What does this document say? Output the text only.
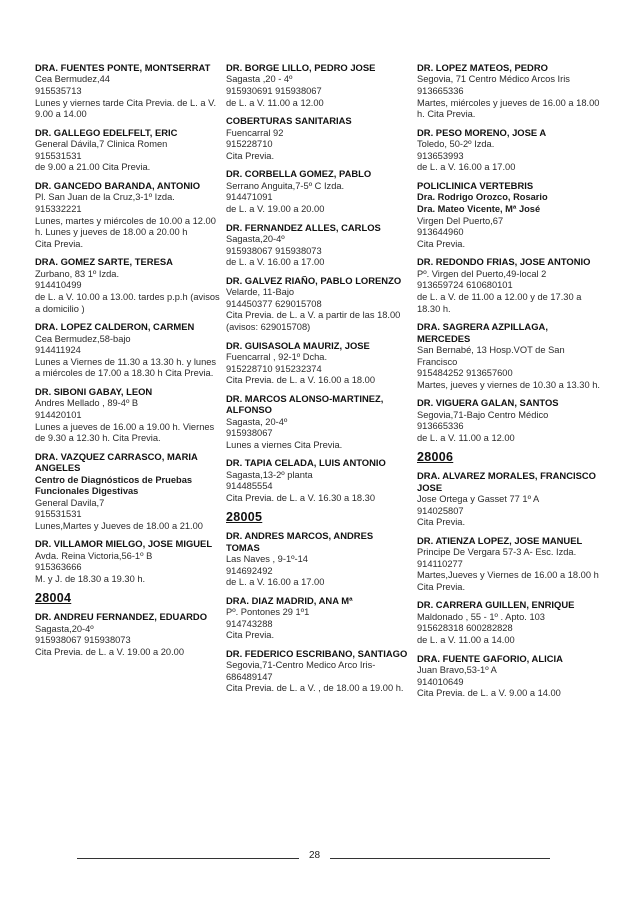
DRA. FUENTES PONTE, MONTSERRAT
Cea Bermudez,44
915535713
Lunes y viernes tarde Cita Previa. de L. a V. 9.00 a 14.00
DR. GALLEGO EDELFELT, ERIC
General Dávila,7 Clinica Romen
915531531
de 9.00 a 21.00 Cita Previa.
DR. GANCEDO BARANDA, ANTONIO
Pl. San Juan de la Cruz,3-1º Izda.
915332221
Lunes, martes y miércoles de 10.00 a 12.00 h. Lunes y jueves de 18.00 a 20.00 h
Cita Previa.
DRA. GOMEZ SARTE, TERESA
Zurbano, 83 1º Izda.
914410499
de L. a V. 10.00 a 13.00. tardes p.p.h (avisos a domicilio )
DRA. LOPEZ CALDERON, CARMEN
Cea Bermudez,58-bajo
914411924
Lunes a Viernes de 11.30 a 13.30 h. y lunes a miércoles de 17.00 a 18.30 h Cita Previa.
DR. SIBONI GABAY, LEON
Andres Mellado , 89-4º B
914420101
Lunes a jueves de 16.00 a 19.00 h. Viernes de 9.30 a 12.30 h. Cita Previa.
DRA. VAZQUEZ CARRASCO, MARIA ANGELES
Centro de Diagnósticos de Pruebas Funcionales Digestivas
General Davila,7
915531531
Lunes,Martes y Jueves de 18.00 a 21.00
DR. VILLAMOR MIELGO, JOSE MIGUEL
Avda. Reina Victoria,56-1º B
915363666
M. y J. de 18.30 a 19.30 h.
28004
DR. ANDREU FERNANDEZ, EDUARDO
Sagasta,20-4º
915938067 915938073
Cita Previa. de L. a V. 19.00 a 20.00
DR. BORGE LILLO, PEDRO JOSE
Sagasta ,20 - 4º
915930691 915938067
de L. a V. 11.00 a 12.00
COBERTURAS SANITARIAS
Fuencarral 92
915228710
Cita Previa.
DR. CORBELLA GOMEZ, PABLO
Serrano Anguita,7-5º C Izda.
914471091
de L. a V. 19.00 a 20.00
DR. FERNANDEZ ALLES, CARLOS
Sagasta,20-4º
915938067 915938073
de L. a V. 16.00 a 17.00
DR. GALVEZ RIAÑO, PABLO LORENZO
Velarde, 11-Bajo
914450377 629015708
Cita Previa. de L. a V. a partir de las 18.00 (avisos: 629015708)
DR. GUISASOLA MAURIZ, JOSE
Fuencarral , 92-1º Dcha.
915228710 915232374
Cita Previa. de L. a V. 16.00 a 18.00
DR. MARCOS ALONSO-MARTINEZ, ALFONSO
Sagasta, 20-4º
915938067
Lunes a viernes Cita Previa.
DR. TAPIA CELADA, LUIS ANTONIO
Sagasta,13-2º planta
914485554
Cita Previa. de L. a V. 16.30 a 18.30
28005
DR. ANDRES MARCOS, ANDRES TOMAS
Las Naves , 9-1º-14
914692492
de L. a V. 16.00 a 17.00
DRA. DIAZ MADRID, ANA Mª
Pº. Pontones 29 1º1
914743288
Cita Previa.
DR. FEDERICO ESCRIBANO, SANTIAGO
Segovia,71-Centro Medico Arco Iris-
686489147
Cita Previa. de L. a V. , de 18.00 a 19.00 h.
DR. LOPEZ MATEOS, PEDRO
Segovia, 71 Centro Médico Arcos Iris
913665336
Martes, miércoles y jueves de 16.00 a 18.00 h. Cita Previa.
DR. PESO MORENO, JOSE A
Toledo, 50-2º Izda.
913653993
de L. a V. 16.00 a 17.00
POLICLINICA VERTEBRIS
Dra. Rodrigo Orozco, Rosario
Dra. Mateo Vicente, Mª José
Virgen Del Puerto,67
913644960
Cita Previa.
DR. REDONDO FRIAS, JOSE ANTONIO
Pº. Virgen del Puerto,49-local 2
913659724 610680101
de L. a V. de 11.00 a 12.00 y de 17.30 a 18.30 h.
DRA. SAGRERA AZPILLAGA, MERCEDES
San Bernabé, 13 Hosp.VOT de San Francisco
915484252 913657600
Martes, jueves y viernes de 10.30 a 13.30 h.
DR. VIGUERA GALAN, SANTOS
Segovia,71-Bajo Centro Médico
913665336
de L. a V. 11.00 a 12.00
28006
DRA. ALVAREZ MORALES, FRANCISCO JOSE
Jose Ortega y Gasset 77 1º A
914025807
Cita Previa.
DR. ATIENZA LOPEZ, JOSE MANUEL
Principe De Vergara 57-3 A- Esc. Izda.
914110277
Martes,Jueves y Viernes de 16.00 a 18.00 h Cita Previa.
DR. CARRERA GUILLEN, ENRIQUE
Maldonado , 55 - 1º . Apto. 103
915628318 600282828
de L. a V. 11.00 a 14.00
DRA. FUENTE GAFORIO, ALICIA
Juan Bravo,53-1º A
914010649
Cita Previa. de L. a V. 9.00 a 14.00
28
